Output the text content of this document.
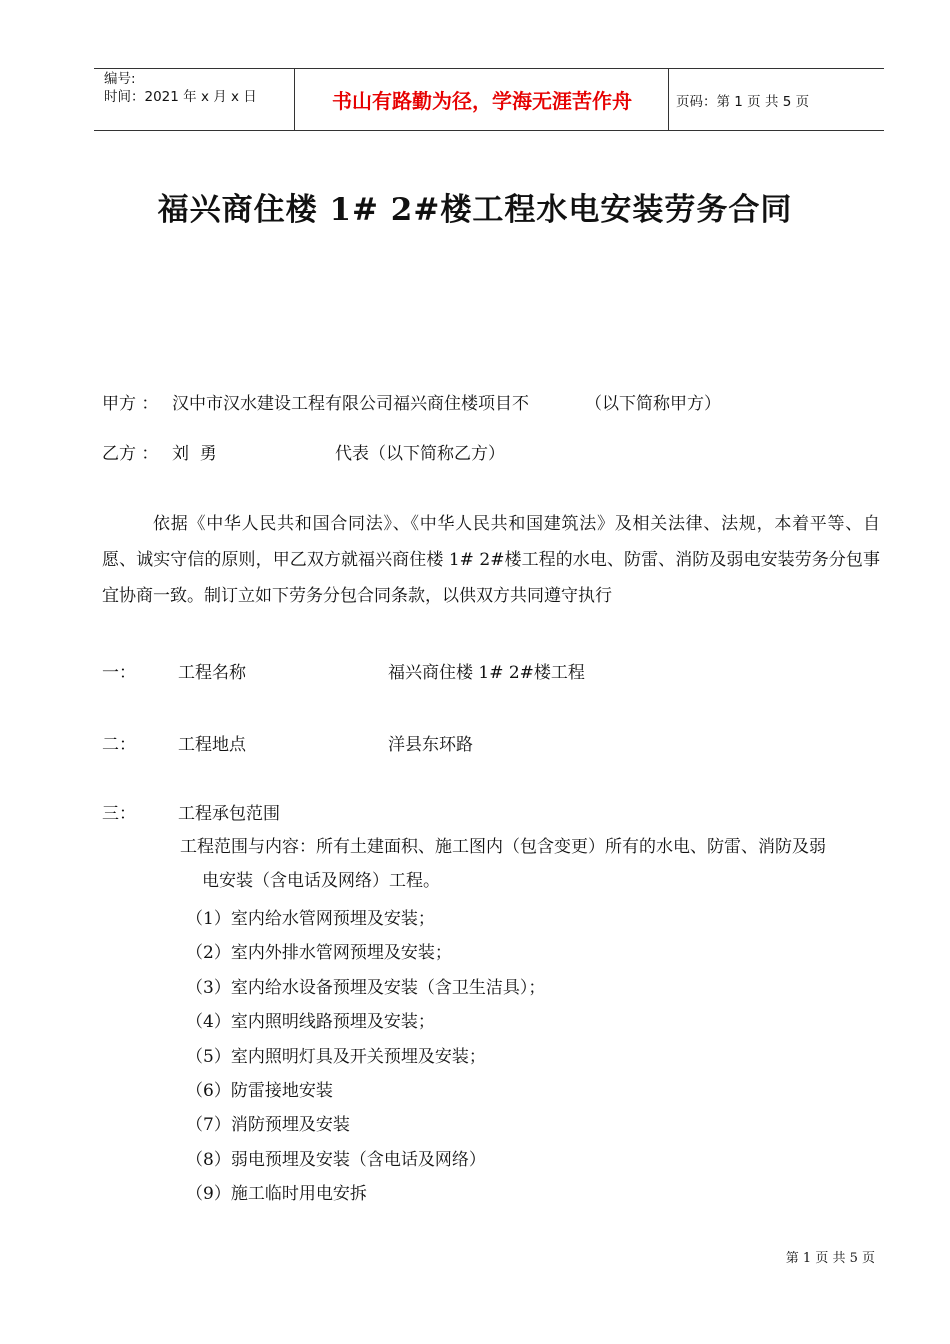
编号:
时间：2021 年 x 月 x 日	书山有路勤为径，学海无涯苦作舟	页码：第 1 页 共 5 页
福兴商住楼 1# 2#楼工程水电安装劳务合同
甲方 ： 汉中市汉水建设工程有限公司福兴商住楼项目不	（以下简称甲方）
乙方 ： 刘  勇	代表（以下简称乙方）
依据《中华人民共和国合同法》、《中华人民共和国建筑法》及相关法律、法规，本着平等、自愿、诚实守信的原则，甲乙双方就福兴商住楼 1# 2#楼工程的水电、防雷、消防及弱电安装劳务分包事宜协商一致。制订立如下劳务分包合同条款，以供双方共同遵守执行
一： 工程名称	福兴商住楼 1# 2#楼工程
二： 工程地点	洋县东环路
三： 工程承包范围
工程范围与内容：所有土建面积、施工图内（包含变更）所有的水电、防雷、消防及弱
电安装（含电话及网络）工程。
（1）室内给水管网预埋及安装；
（2）室内外排水管网预埋及安装；
（3）室内给水设备预埋及安装（含卫生洁具）；
（4）室内照明线路预埋及安装；
（5）室内照明灯具及开关预埋及安装；
（6）防雷接地安装
（7）消防预埋及安装
（8）弱电预埋及安装（含电话及网络）
（9）施工临时用电安拆
第 1 页 共 5 页
